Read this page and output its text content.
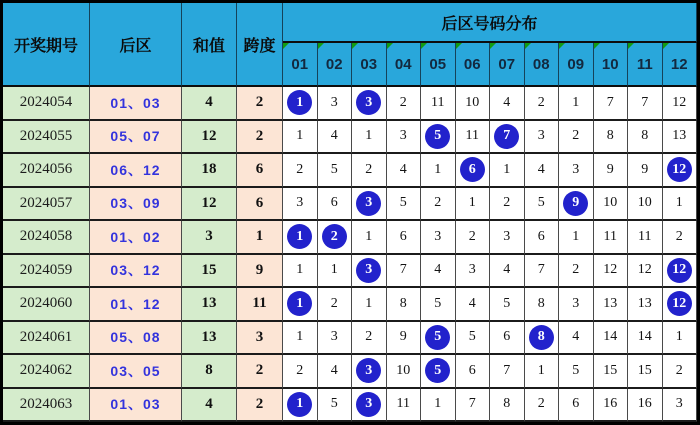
开奖期号	后区	和值	跨度
后区号码分布
01	02	03	04	05	06	07	08	09	10	11	12
2024054	01、03	4	2	1	3	3	2	11	10	4	2	1	7	7	12
2024055	05、07	12	2	1	4	1	3	5	11	7	3	2	8	8	13
2024056	06、12	18	6	2	5	2	4	1	6	1	4	3	9	9	12
2024057	03、09	12	6	3	6	3	5	2	1	2	5	9	10	10	1
2024058	01、02	3	1	1	2	1	6	3	2	3	6	1	11	11	2
2024059	03、12	15	9	1	1	3	7	4	3	4	7	2	12	12	12
2024060	01、12	13	11	1	2	1	8	5	4	5	8	3	13	13	12
2024061	05、08	13	3	1	3	2	9	5	5	6	8	4	14	14	1
2024062	03、05	8	2	2	4	3	10	5	6	7	1	5	15	15	2
2024063	01、03	4	2	1	5	3	11	1	7	8	2	6	16	16	3
